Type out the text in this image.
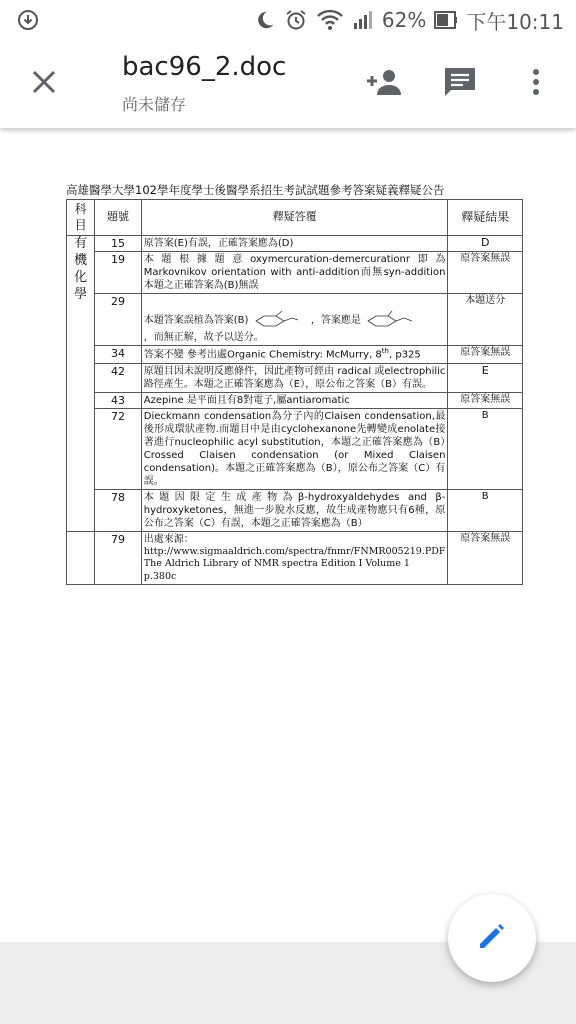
62% 下午10:11
bac96_2.doc
尚未儲存
高雄醫學大學102學年度學士後醫學系招生考試試題參考答案疑義釋疑公告
科目	題號	釋疑答覆	釋疑結果

有
機
化
學	15	原答案(E)有誤，正確答案應為(D)	D
	19	本題根據題意oxymercuration-demercurationr即為Markovnikov orientation with anti-addition而無syn-addition本題之正確答案為(B)無誤	原答案無誤
	29	本題答案誤植為答案(B) ，答案應是
，而無正解，故予以送分。	本題送分
	34	答案不變 參考出處Organic Chemistry: McMurry, 8th, p325	原答案無誤
	42	原題目因未說明反應條件，因此產物可經由 radical 或electrophilic 路徑產生。本題之正確答案應為（E），原公布之答案（B）有誤。	E
	43	Azepine 是平面且有8對電子,屬antiaromatic	原答案無誤
	72	Dieckmann condensation為分子內的Claisen condensation,最後形成環狀產物.而題目中是由cyclohexanone先轉變成enolate接著進行nucleophilic acyl substitution，本題之正確答案應為（B）Crossed Claisen condensation (or Mixed Claisen condensation)。本題之正確答案應為（B），原公布之答案（C）有誤。	B
	78	本題因限定生成產物為β-hydroxyaldehydes and β-hydroxyketones，無進一步脫水反應，故生成產物應只有6種，原公布之答案（C）有誤，本題之正確答案應為（B）	B
	79	出處來源：
http://www.sigmaaldrich.com/spectra/fnmr/FNMR005219.PDF
The Aldrich Library of NMR spectra Edition I Volume 1
p.380c	原答案無誤
